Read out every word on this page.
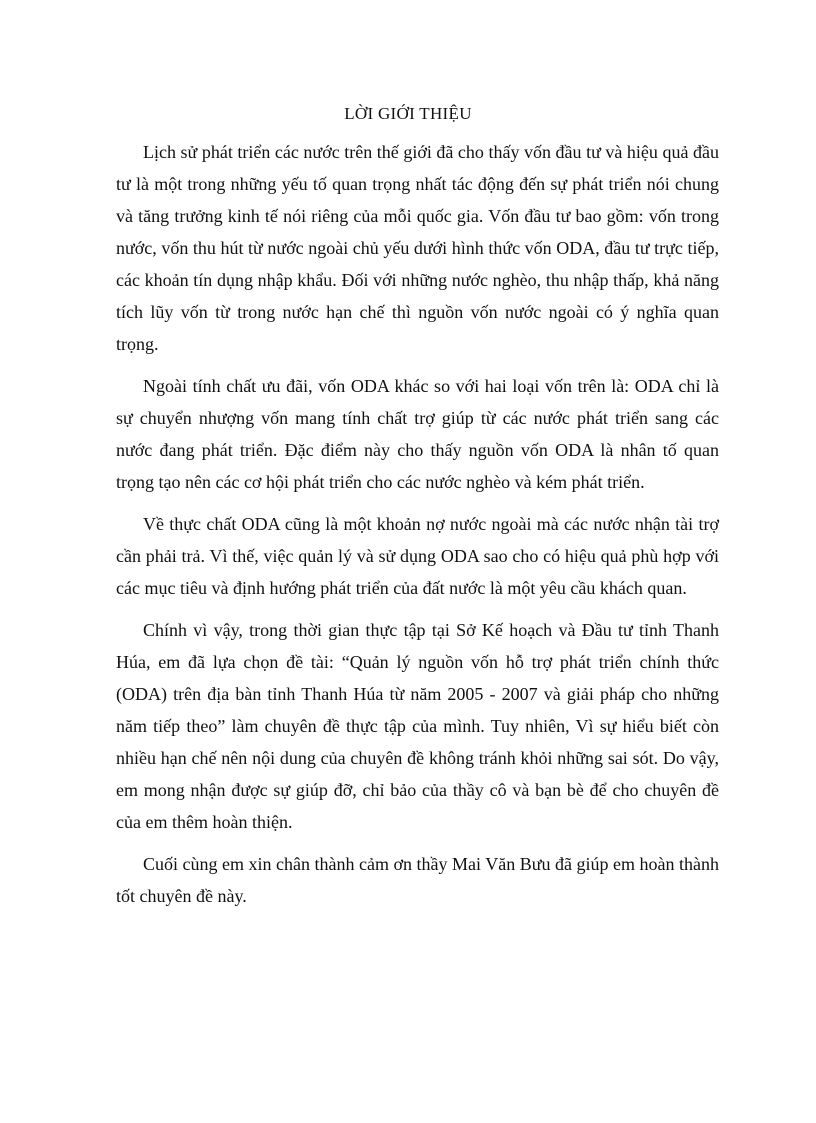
LỜI GIỚI THIỆU

Lịch sử phát triển các nước trên thế giới đã cho thấy vốn đầu tư và hiệu quả đầu tư là một trong những yếu tố quan trọng nhất tác động đến sự phát triển nói chung và tăng trưởng kinh tế nói riêng của mỗi quốc gia. Vốn đầu tư bao gồm: vốn trong nước, vốn thu hút từ nước ngoài chủ yếu dưới hình thức vốn ODA, đầu tư trực tiếp, các khoản tín dụng nhập khẩu. Đối với những nước nghèo, thu nhập thấp, khả năng tích lũy vốn từ trong nước hạn chế thì nguồn vốn nước ngoài có ý nghĩa quan trọng.

Ngoài tính chất ưu đãi, vốn ODA khác so với hai loại vốn trên là: ODA chỉ là sự chuyển nhượng vốn mang tính chất trợ giúp từ các nước phát triển sang các nước đang phát triển. Đặc điểm này cho thấy nguồn vốn ODA là nhân tố quan trọng tạo nên các cơ hội phát triển cho các nước nghèo và kém phát triển.

Về thực chất ODA cũng là một khoản nợ nước ngoài mà các nước nhận tài trợ cần phải trả. Vì thế, việc quản lý và sử dụng ODA sao cho có hiệu quả phù hợp với các mục tiêu và định hướng phát triển của đất nước là một yêu cầu khách quan.

Chính vì vậy, trong thời gian thực tập tại Sở Kế hoạch và Đầu tư tỉnh Thanh Húa, em đã lựa chọn đề tài: “Quản lý nguồn vốn hỗ trợ phát triển chính thức (ODA) trên địa bàn tỉnh Thanh Húa từ năm 2005 - 2007 và giải pháp cho những năm tiếp theo” làm chuyên đề thực tập của mình. Tuy nhiên, Vì sự hiểu biết còn nhiều hạn chế nên nội dung của chuyên đề không tránh khỏi những sai sót. Do vậy, em mong nhận được sự giúp đỡ, chỉ bảo của thầy cô và bạn bè để cho chuyên đề của em thêm hoàn thiện.

Cuối cùng em xin chân thành cảm ơn thầy Mai Văn Bưu đã giúp em hoàn thành tốt chuyên đề này.
